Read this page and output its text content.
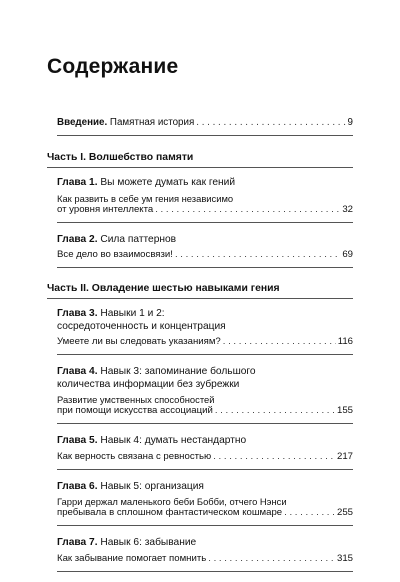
Содержание
Введение. Памятная история . . .	9
Часть I. Волшебство памяти
Глава 1. Вы можете думать как гений
Как развить в себе ум гения независимо
от уровня интеллекта . . .	32
Глава 2. Сила паттернов
Все дело во взаимосвязи! . . .	69
Часть II. Овладение шестью навыками гения
Глава 3. Навыки 1 и 2:
сосредоточенность и концентрация
Умеете ли вы следовать указаниям? . . .	116
Глава 4. Навык 3: запоминание большого
количества информации без зубрежки
Развитие умственных способностей
при помощи искусства ассоциаций . . .	155
Глава 5. Навык 4: думать нестандартно
Как верность связана с ревностью . . .	217
Глава 6. Навык 5: организация
Гарри держал маленького беби Бобби, отчего Нэнси
пребывала в сплошном фантастическом кошмаре . . .	255
Глава 7. Навык 6: забывание
Как забывание помогает помнить . . .	315
